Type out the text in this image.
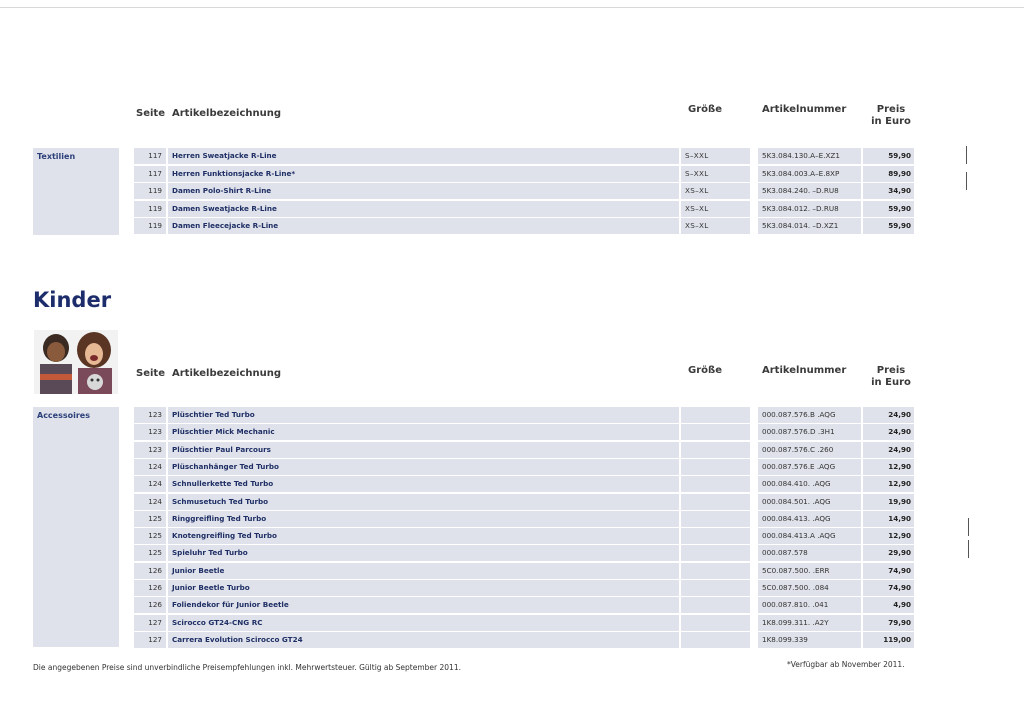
Seite Artikelbezeichnung	Größe	Artikelnummer	Preis
in Euro
Textilien	117	Herren Sweatjacke R-Line	S–XXL	5K3.084.130.A–E.XZ1	59,90
117	Herren Funktionsjacke R-Line*	S–XXL	5K3.084.003.A–E.8XP	89,90
119	Damen Polo-Shirt R-Line	XS–XL	5K3.084.240. –D.RU8	34,90
119	Damen Sweatjacke R-Line	XS–XL	5K3.084.012. –D.RU8	59,90
119	Damen Fleecejacke R-Line	XS–XL	5K3.084.014. –D.XZ1	59,90
Kinder
Seite Artikelbezeichnung	Größe	Artikelnummer	Preis
in Euro
Accessoires	123	Plüschtier Ted Turbo	000.087.576.B .AQG	24,90
123	Plüschtier Mick Mechanic	000.087.576.D .3H1	24,90
123	Plüschtier Paul Parcours	000.087.576.C .260	24,90
124	Plüschanhänger Ted Turbo	000.087.576.E .AQG	12,90
124	Schnullerkette Ted Turbo	000.084.410. .AQG	12,90
124	Schmusetuch Ted Turbo	000.084.501. .AQG	19,90
125	Ringgreifling Ted Turbo	000.084.413. .AQG	14,90
125	Knotengreifling Ted Turbo	000.084.413.A .AQG	12,90
125	Spieluhr Ted Turbo	000.087.578	29,90
126	Junior Beetle	5C0.087.500. .ERR	74,90
126	Junior Beetle Turbo	5C0.087.500. .084	74,90
126	Foliendekor für Junior Beetle	000.087.810. .041	4,90
127	Scirocco GT24-CNG RC	1K8.099.311. .A2Y	79,90
127	Carrera Evolution Scirocco GT24	1K8.099.339	119,00
Die angegebenen Preise sind unverbindliche Preisempfehlungen inkl. Mehrwertsteuer. Gültig ab September 2011.	*Verfügbar ab November 2011.
